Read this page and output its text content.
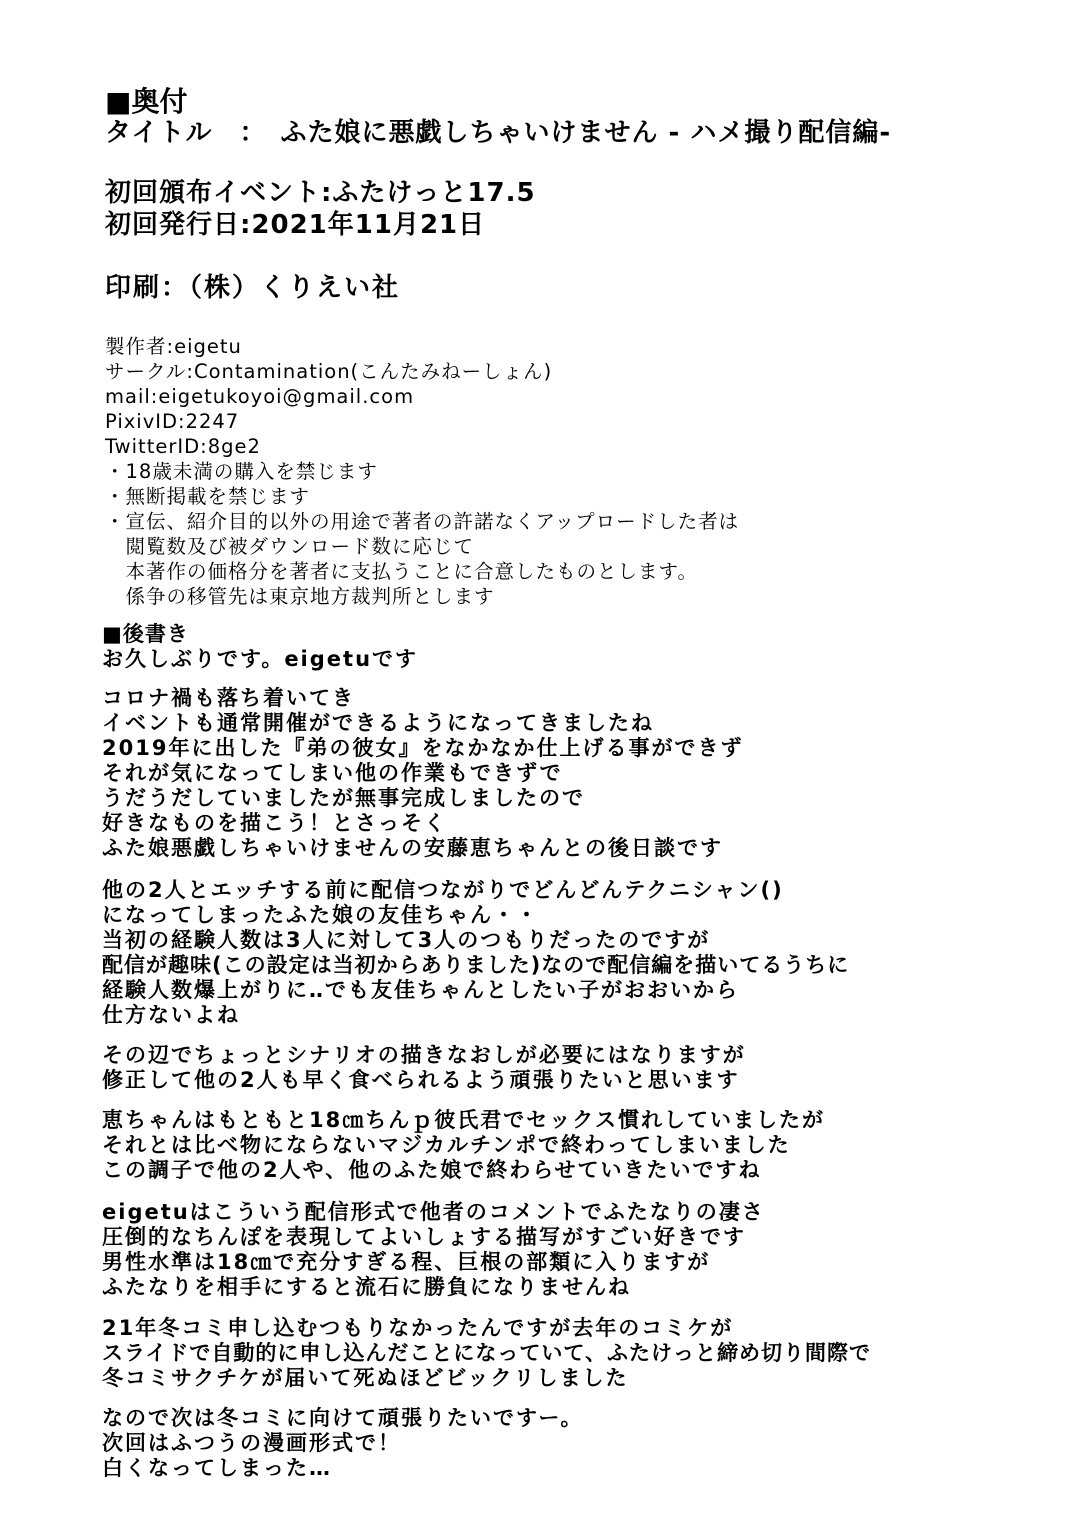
■奥付
タイトル　：　ふた娘に悪戯しちゃいけません - ハメ撮り配信編-
初回頒布イベント:ふたけっと17.5
初回発行日:2021年11月21日
印刷：（株）くりえい社
製作者:eigetu
サークル:Contamination(こんたみねーしょん)
mail:eigetukoyoi@gmail.com
PixivID:2247
TwitterID:8ge2
・18歳未満の購入を禁じます
・無断掲載を禁じます
・宣伝、紹介目的以外の用途で著者の許諾なくアップロードした者は
　閲覧数及び被ダウンロード数に応じて
　本著作の価格分を著者に支払うことに合意したものとします。
　係争の移管先は東京地方裁判所とします
■後書き
お久しぶりです。eigetuです
コロナ禍も落ち着いてき
イベントも通常開催ができるようになってきましたね
2019年に出した『弟の彼女』をなかなか仕上げる事ができず
それが気になってしまい他の作業もできずで
うだうだしていましたが無事完成しましたので
好きなものを描こう！とさっそく
ふた娘悪戯しちゃいけませんの安藤恵ちゃんとの後日談です
他の2人とエッチする前に配信つながりでどんどんテクニシャン()
になってしまったふた娘の友佳ちゃん・・
当初の経験人数は3人に対して3人のつもりだったのですが
配信が趣味(この設定は当初からありました)なので配信編を描いてるうちに
経験人数爆上がりに‥でも友佳ちゃんとしたい子がおおいから
仕方ないよね
その辺でちょっとシナリオの描きなおしが必要にはなりますが
修正して他の2人も早く食べられるよう頑張りたいと思います
恵ちゃんはもともと18㎝ちんｐ彼氏君でセックス慣れしていましたが
それとは比べ物にならないマジカルチンポで終わってしまいました
この調子で他の2人や、他のふた娘で終わらせていきたいですね
eigetuはこういう配信形式で他者のコメントでふたなりの凄さ
圧倒的なちんぽを表現してよいしょする描写がすごい好きです
男性水準は18㎝で充分すぎる程、巨根の部類に入りますが
ふたなりを相手にすると流石に勝負になりませんね
21年冬コミ申し込むつもりなかったんですが去年のコミケが
スライドで自動的に申し込んだことになっていて、ふたけっと締め切り間際で
冬コミサクチケが届いて死ぬほどビックリしました
なので次は冬コミに向けて頑張りたいですー。
次回はふつうの漫画形式で！
白くなってしまった…
